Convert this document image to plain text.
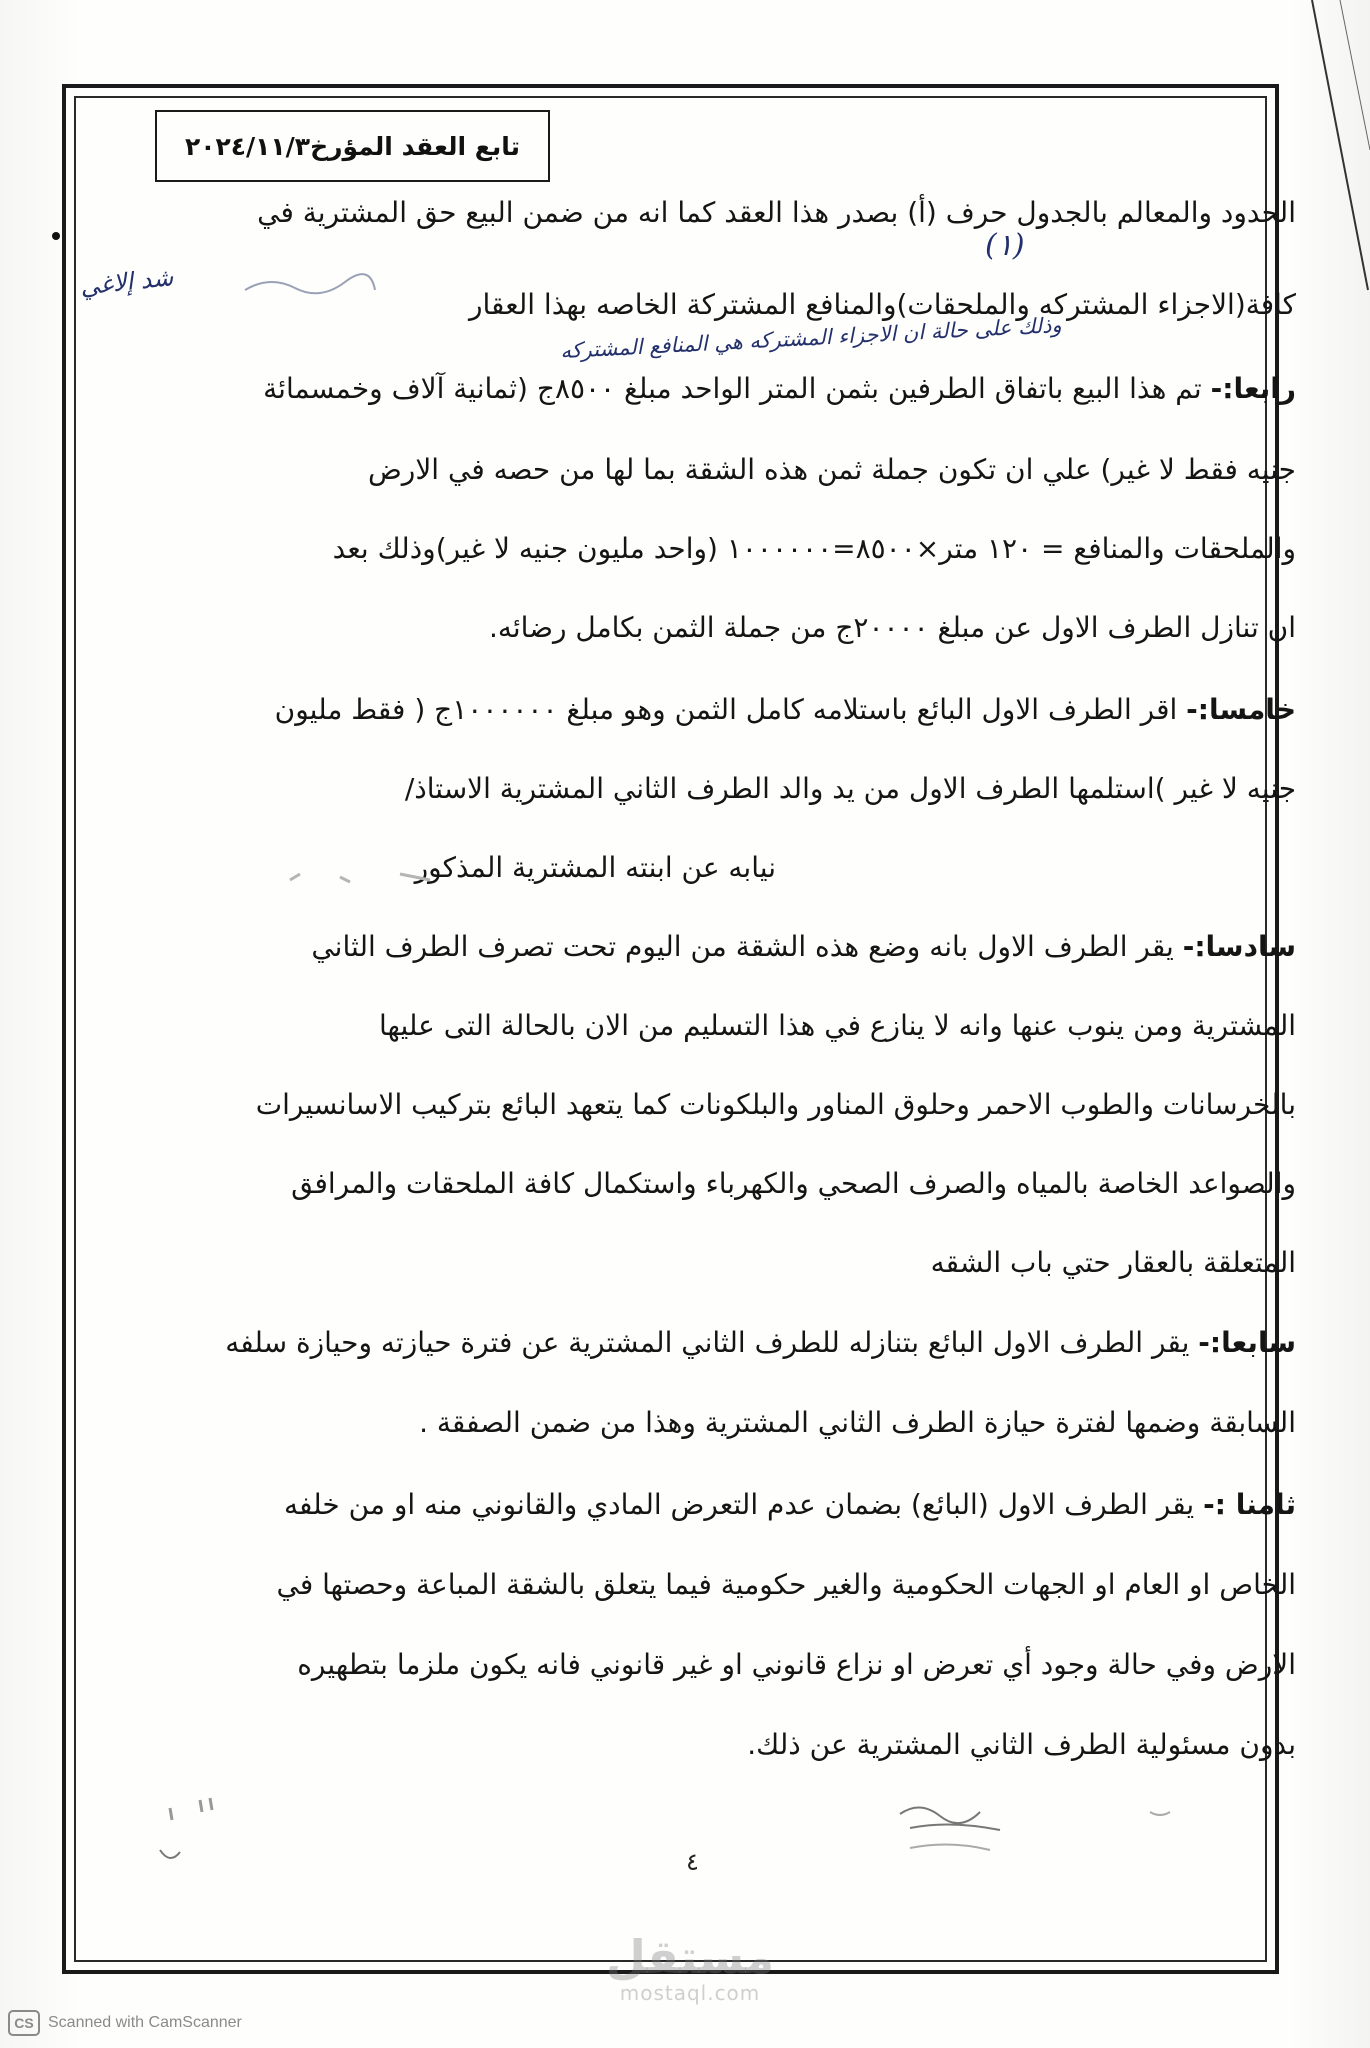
تابع العقد المؤرخ٢٠٢٤/١١/٣
الحدود والمعالم بالجدول حرف (أ) بصدر هذا العقد كما انه من ضمن البيع حق المشترية في
كافة(الاجزاء المشتركه والملحقات)والمنافع المشتركة الخاصه بهذا العقار
رابعا:- تم هذا البيع باتفاق الطرفين بثمن المتر الواحد مبلغ ٨٥٠٠ج (ثمانية آلاف وخمسمائة
جنيه فقط لا غير) علي ان تكون جملة ثمن هذه الشقة بما لها من حصه في الارض
والملحقات والمنافع = ١٢٠ متر×٨٥٠٠=١٠٠٠٠٠٠ (واحد مليون جنيه لا غير)وذلك بعد
ان تنازل الطرف الاول عن مبلغ ٢٠٠٠٠ج من جملة الثمن بكامل رضائه.
خامسا:- اقر الطرف الاول البائع باستلامه كامل الثمن وهو مبلغ ١٠٠٠٠٠٠ج ( فقط مليون
جنيه لا غير )استلمها الطرف الاول من يد والد الطرف الثاني المشترية الاستاذ/
نيابه عن ابنته المشترية المذكور
سادسا:- يقر الطرف الاول بانه وضع هذه الشقة من اليوم تحت تصرف الطرف الثاني
المشترية ومن ينوب عنها وانه لا ينازع في هذا التسليم من الان بالحالة التى عليها
بالخرسانات والطوب الاحمر وحلوق المناور والبلكونات كما يتعهد البائع بتركيب الاسانسيرات
والصواعد الخاصة بالمياه والصرف الصحي والكهرباء واستكمال كافة الملحقات والمرافق
المتعلقة بالعقار حتي باب الشقه
سابعا:- يقر الطرف الاول البائع بتنازله للطرف الثاني المشترية عن فترة حيازته وحيازة سلفه
السابقة وضمها لفترة حيازة الطرف الثاني المشترية وهذا من ضمن الصفقة .
ثامنا :- يقر الطرف الاول (البائع) بضمان عدم التعرض المادي والقانوني منه او من خلفه
الخاص او العام او الجهات الحكومية والغير حكومية فيما يتعلق بالشقة المباعة وحصتها في
الارض وفي حالة وجود أي تعرض او نزاع قانوني او غير قانوني فانه يكون ملزما بتطهيره
بدون مسئولية الطرف الثاني المشترية عن ذلك.
(١)
شد إلاغي
وذلك على حالة ان الاجزاء المشتركه هي المنافع المشتركه
٤
مستقل
mostaql.com
CS Scanned with CamScanner
